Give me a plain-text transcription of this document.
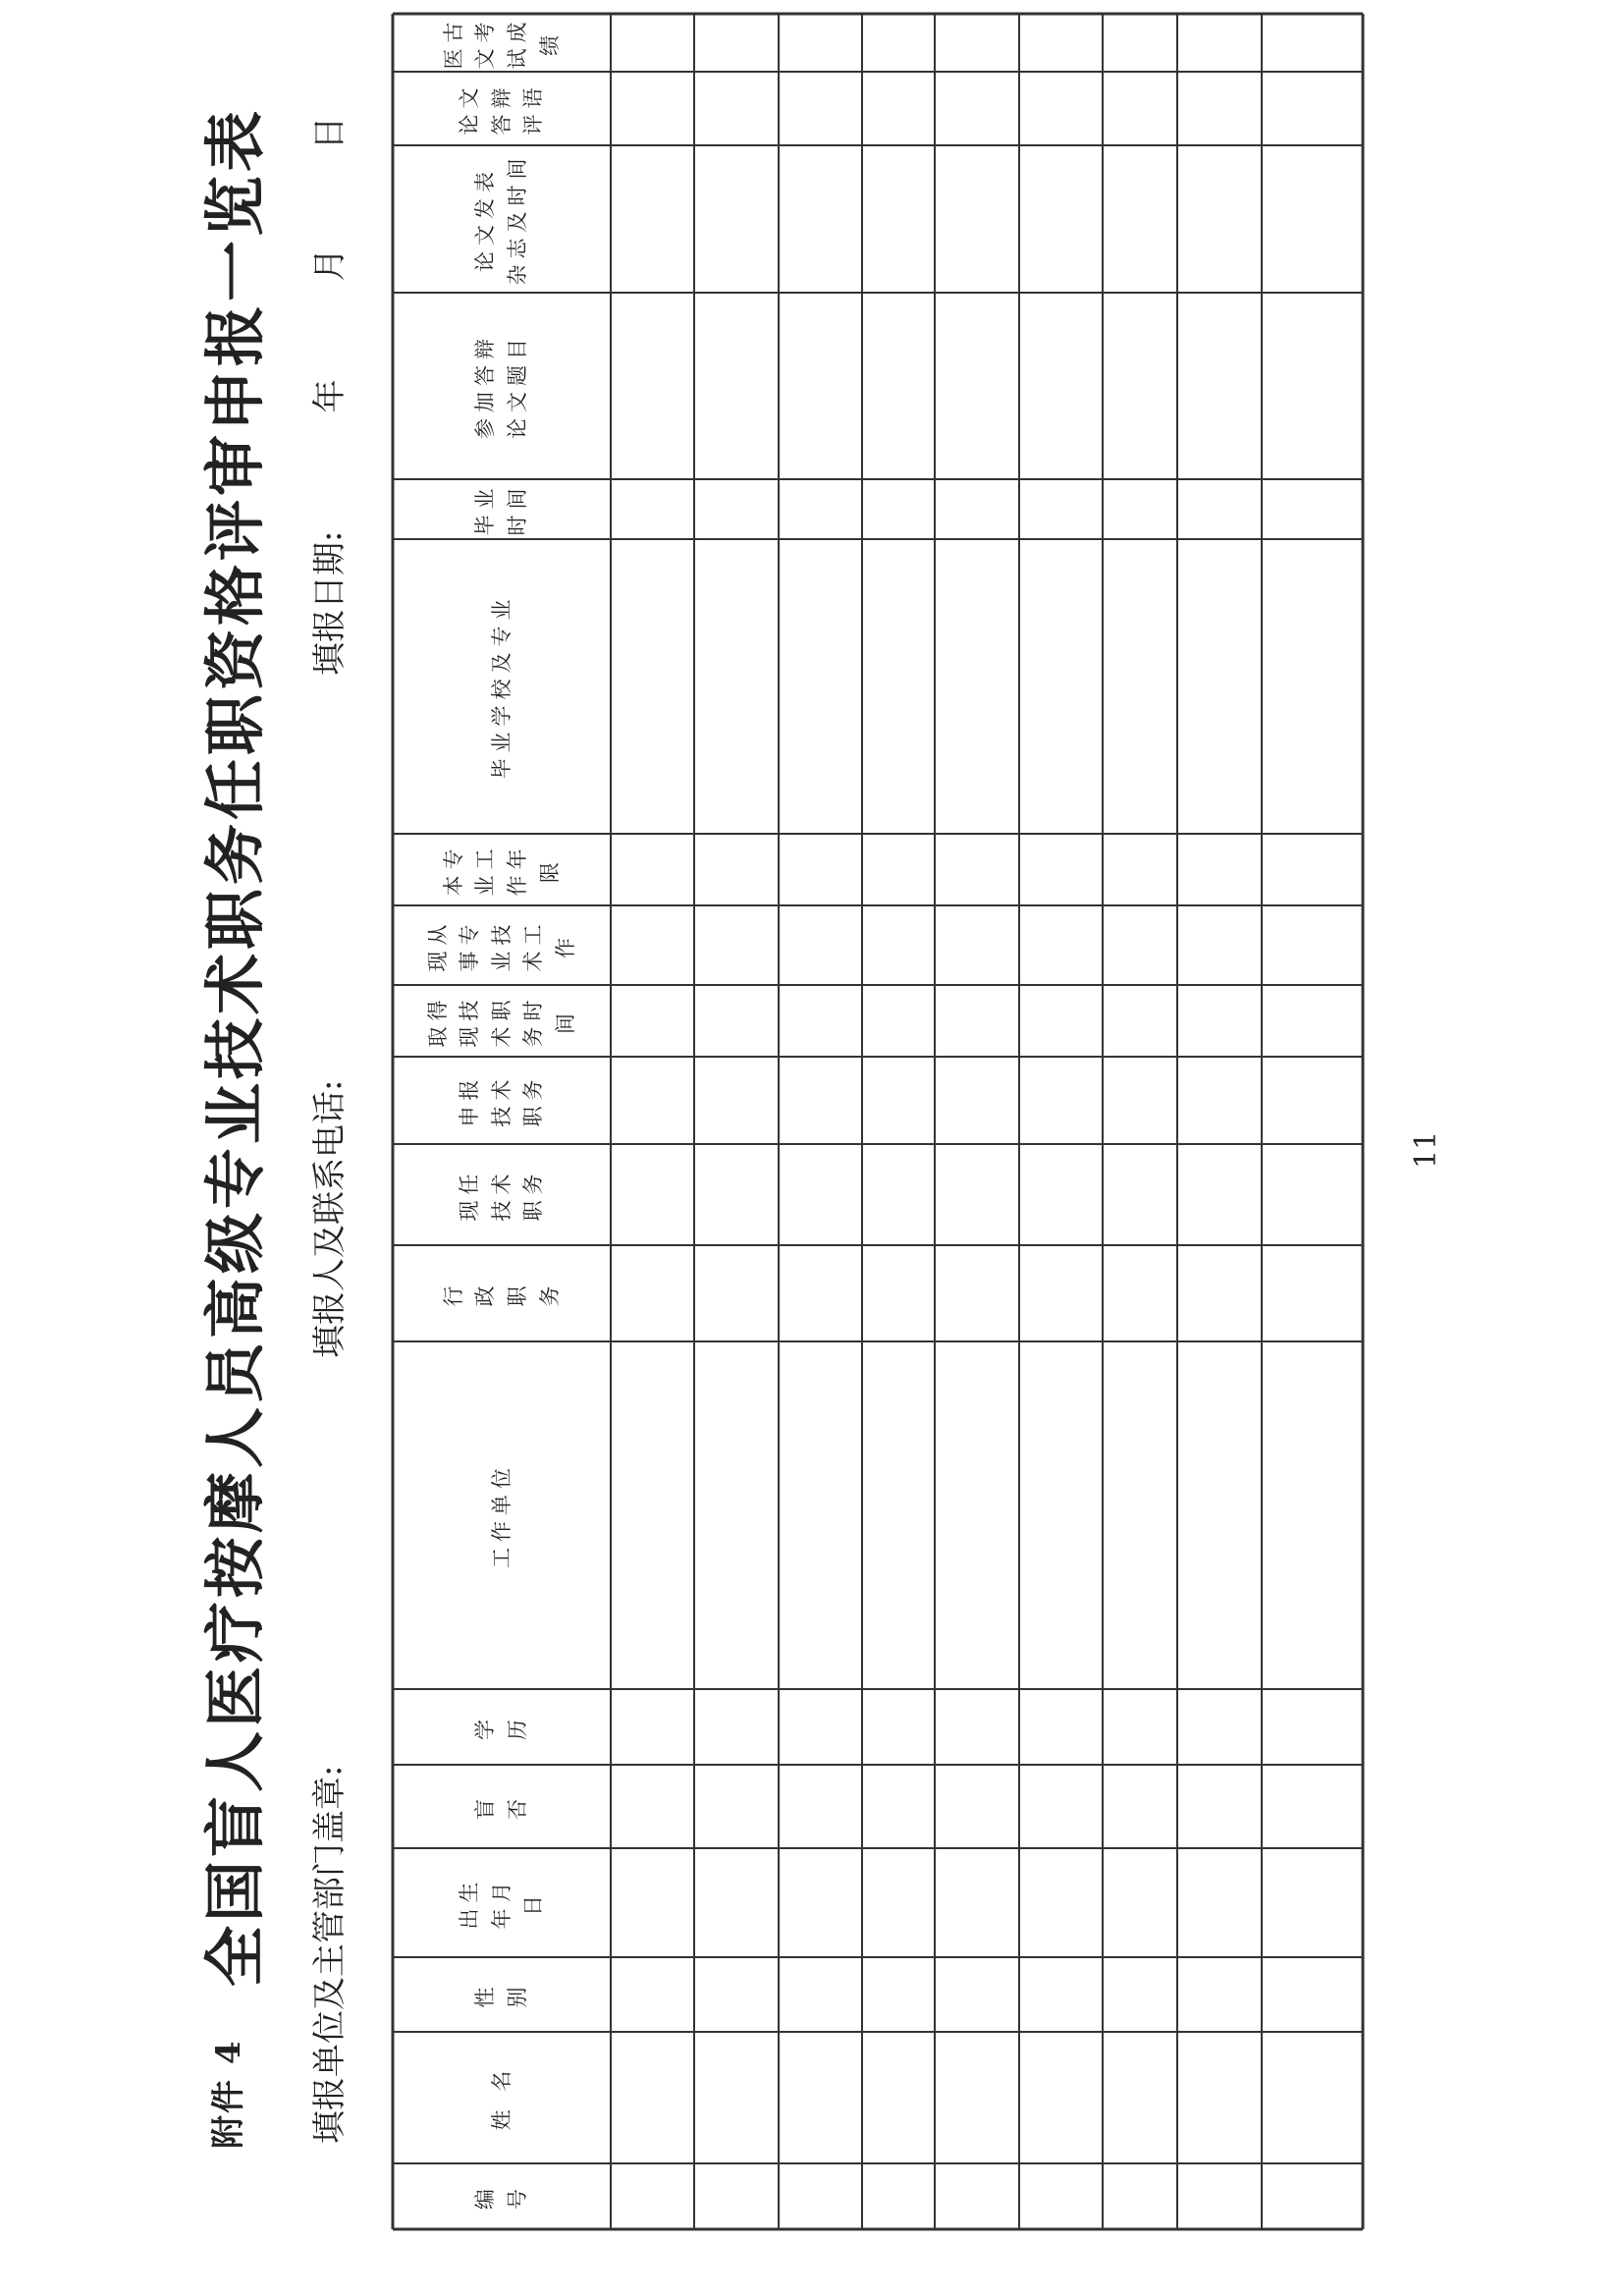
附件 4
全国盲人医疗按摩人员高级专业技术职务任职资格评审申报一览表 填报单位及主管部门盖章:
填报人及联系电话:
填报日期:年月日
编 号
姓 名
性 别
出生 年月 日
盲 否
学 历
工作单位
行 政 职 务
现任 技术 职务
申报 技术 职务
取得 现技 术职 务时 间
现从 事专 业技 术工 作
本专 业工 作年 限
毕业学校及专业
毕业 时间
参加答辩 论文题目
论文发表 杂志及时间
论文 答辩 评语
医古 文考 试成 绩
11
